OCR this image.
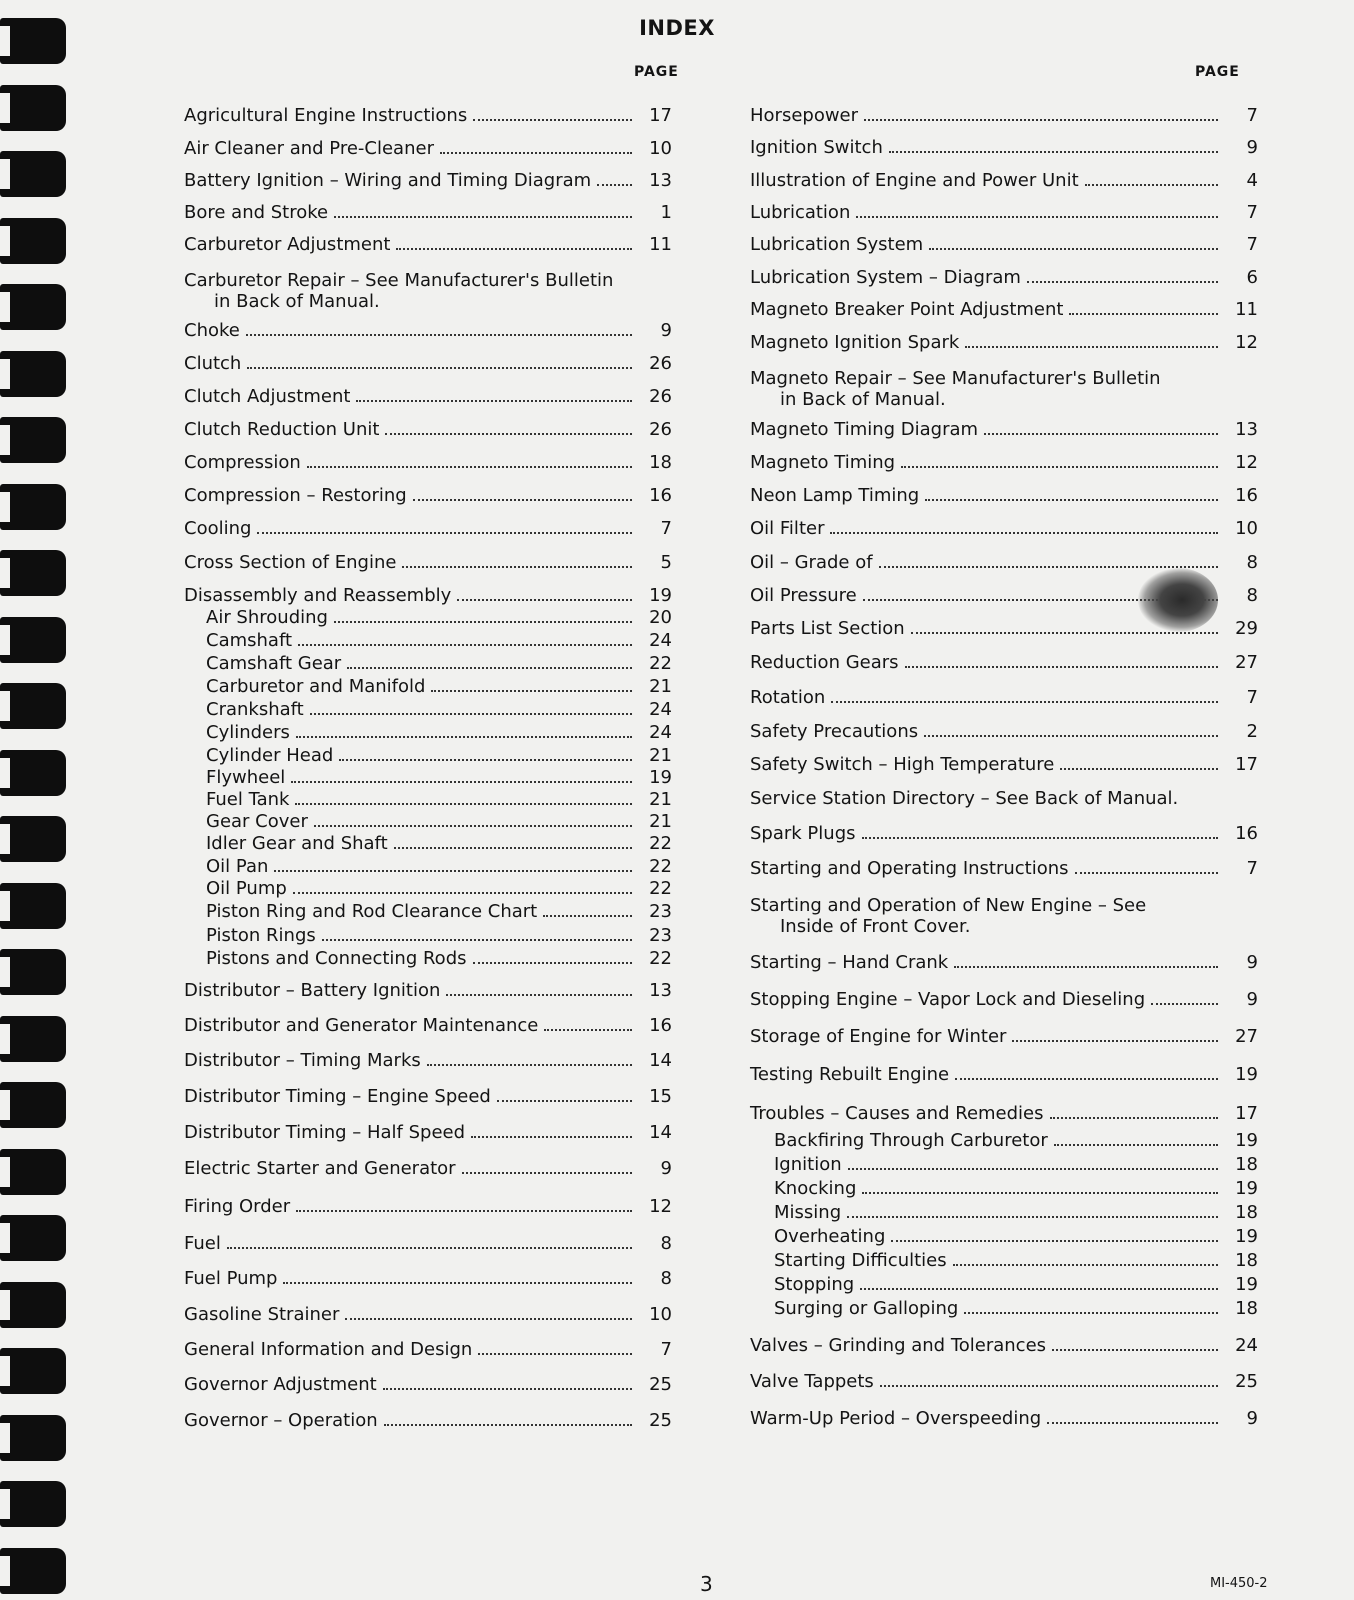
INDEX
PAGE	PAGE
Agricultural Engine Instructions	17
Air Cleaner and Pre-Cleaner	10
Battery Ignition – Wiring and Timing Diagram	13
Bore and Stroke	1
Carburetor Adjustment	11
Carburetor Repair – See Manufacturer's Bulletin
in Back of Manual.
Choke	9
Clutch	26
Clutch Adjustment	26
Clutch Reduction Unit	26
Compression	18
Compression – Restoring	16
Cooling	7
Cross Section of Engine	5
Disassembly and Reassembly	19
Air Shrouding	20
Camshaft	24
Camshaft Gear	22
Carburetor and Manifold	21
Crankshaft	24
Cylinders	24
Cylinder Head	21
Flywheel	19
Fuel Tank	21
Gear Cover	21
Idler Gear and Shaft	22
Oil Pan	22
Oil Pump	22
Piston Ring and Rod Clearance Chart	23
Piston Rings	23
Pistons and Connecting Rods	22
Distributor – Battery Ignition	13
Distributor and Generator Maintenance	16
Distributor – Timing Marks	14
Distributor Timing – Engine Speed	15
Distributor Timing – Half Speed	14
Electric Starter and Generator	9
Firing Order	12
Fuel	8
Fuel Pump	8
Gasoline Strainer	10
General Information and Design	7
Governor Adjustment	25
Governor – Operation	25
Horsepower	7
Ignition Switch	9
Illustration of Engine and Power Unit	4
Lubrication	7
Lubrication System	7
Lubrication System – Diagram	6
Magneto Breaker Point Adjustment	11
Magneto Ignition Spark	12
Magneto Repair – See Manufacturer's Bulletin
in Back of Manual.
Magneto Timing Diagram	13
Magneto Timing	12
Neon Lamp Timing	16
Oil Filter	10
Oil – Grade of	8
Oil Pressure	8
Parts List Section	29
Reduction Gears	27
Rotation	7
Safety Precautions	2
Safety Switch – High Temperature	17
Service Station Directory – See Back of Manual.
Spark Plugs	16
Starting and Operating Instructions	7
Starting and Operation of New Engine – See
Inside of Front Cover.
Starting – Hand Crank	9
Stopping Engine – Vapor Lock and Dieseling	9
Storage of Engine for Winter	27
Testing Rebuilt Engine	19
Troubles – Causes and Remedies	17
Backfiring Through Carburetor	19
Ignition	18
Knocking	19
Missing	18
Overheating	19
Starting Difficulties	18
Stopping	19
Surging or Galloping	18
Valves – Grinding and Tolerances	24
Valve Tappets	25
Warm-Up Period – Overspeeding	9
3	MI-450-2
